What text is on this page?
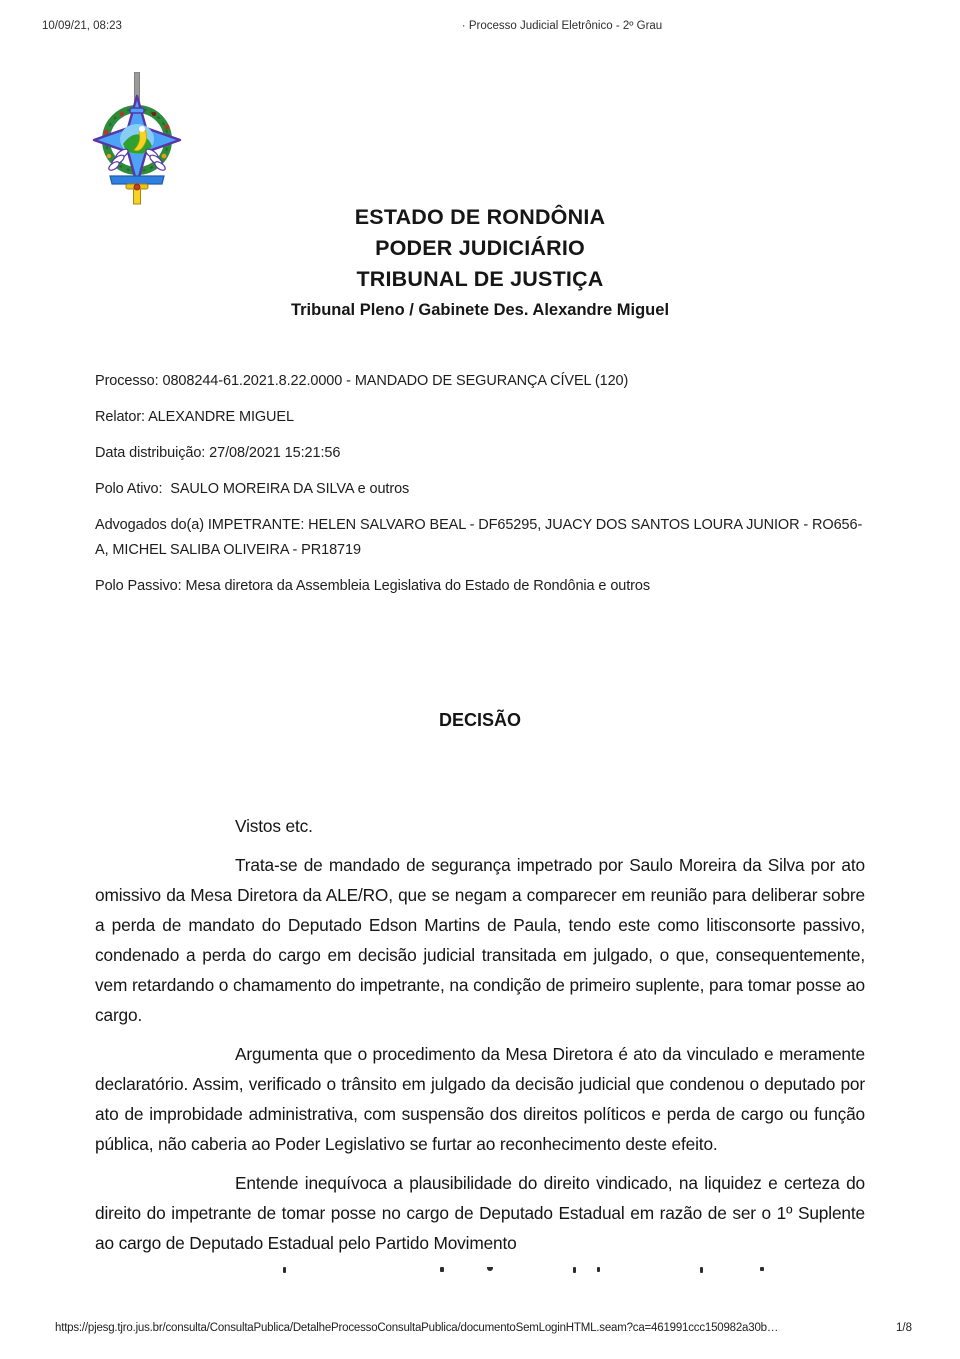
10/09/21, 08:23	· Processo Judicial Eletrônico - 2º Grau
ESTADO DE RONDÔNIA
PODER JUDICIÁRIO
TRIBUNAL DE JUSTIÇA
Tribunal Pleno / Gabinete Des. Alexandre Miguel

Processo: 0808244-61.2021.8.22.0000 - MANDADO DE SEGURANÇA CÍVEL (120)

Relator: ALEXANDRE MIGUEL

Data distribuição: 27/08/2021 15:21:56

Polo Ativo:  SAULO MOREIRA DA SILVA e outros

Advogados do(a) IMPETRANTE: HELEN SALVARO BEAL - DF65295, JUACY DOS SANTOS LOURA JUNIOR - RO656-A, MICHEL SALIBA OLIVEIRA - PR18719

Polo Passivo: Mesa diretora da Assembleia Legislativa do Estado de Rondônia e outros

DECISÃO

Vistos etc.

Trata-se de mandado de segurança impetrado por Saulo Moreira da Silva por ato omissivo da Mesa Diretora da ALE/RO, que se negam a comparecer em reunião para deliberar sobre a perda de mandato do Deputado Edson Martins de Paula, tendo este como litisconsorte passivo, condenado a perda do cargo em decisão judicial transitada em julgado, o que, consequentemente, vem retardando o chamamento do impetrante, na condição de primeiro suplente, para tomar posse ao cargo.

Argumenta que o procedimento da Mesa Diretora é ato da vinculado e meramente declaratório. Assim, verificado o trânsito em julgado da decisão judicial que condenou o deputado por ato de improbidade administrativa, com suspensão dos direitos políticos e perda de cargo ou função pública, não caberia ao Poder Legislativo se furtar ao reconhecimento deste efeito.

Entende inequívoca a plausibilidade do direito vindicado, na liquidez e certeza do direito do impetrante de tomar posse no cargo de Deputado Estadual em razão de ser o 1º Suplente ao cargo de Deputado Estadual pelo Partido Movimento

https://pjesg.tjro.jus.br/consulta/ConsultaPublica/DetalheProcessoConsultaPublica/documentoSemLoginHTML.seam?ca=461991ccc150982a30b…	1/8
